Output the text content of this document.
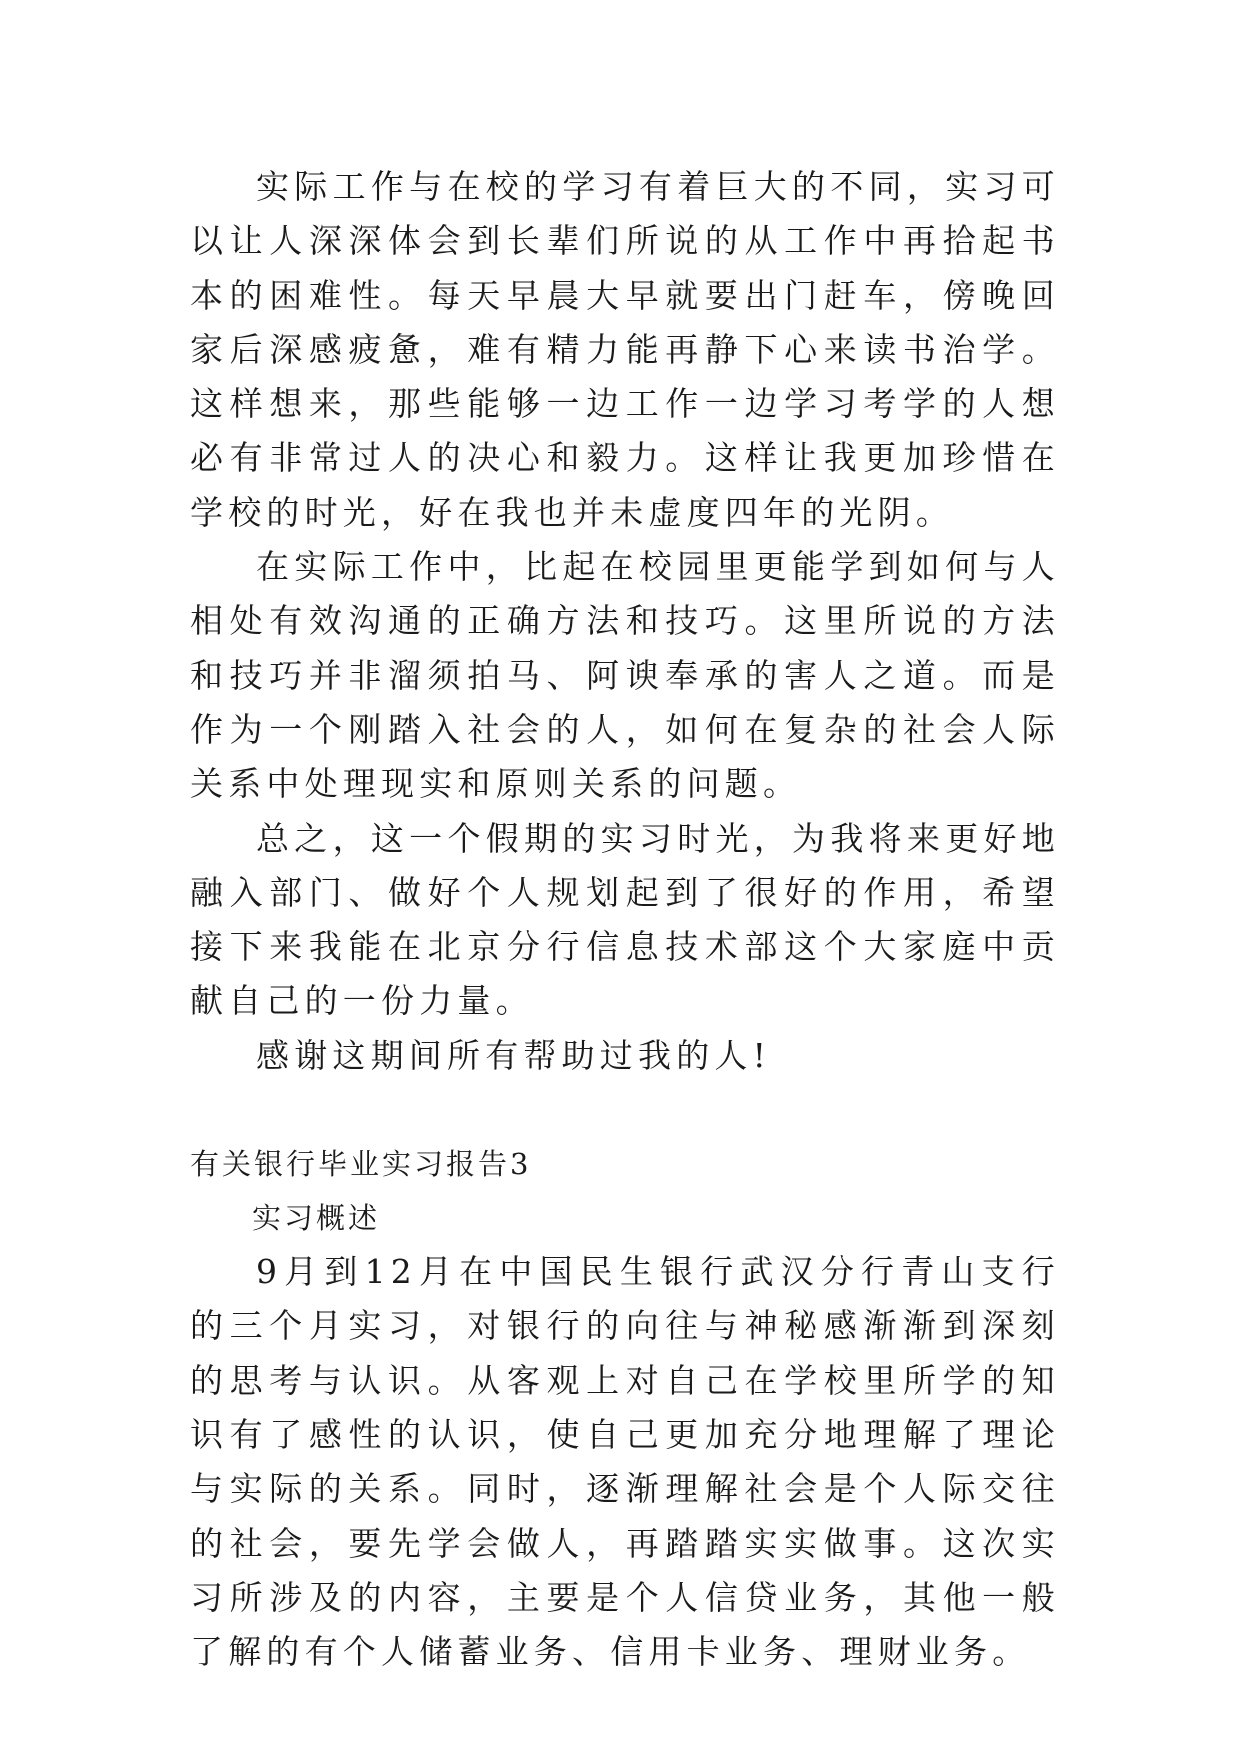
实际工作与在校的学习有着巨大的不同，实习可以让人深深体会到长辈们所说的从工作中再拾起书本的困难性。每天早晨大早就要出门赶车，傍晚回家后深感疲惫，难有精力能再静下心来读书治学。这样想来，那些能够一边工作一边学习考学的人想必有非常过人的决心和毅力。这样让我更加珍惜在学校的时光，好在我也并未虚度四年的光阴。

在实际工作中，比起在校园里更能学到如何与人相处有效沟通的正确方法和技巧。这里所说的方法和技巧并非溜须拍马、阿谀奉承的害人之道。而是作为一个刚踏入社会的人，如何在复杂的社会人际关系中处理现实和原则关系的问题。

总之，这一个假期的实习时光，为我将来更好地融入部门、做好个人规划起到了很好的作用，希望接下来我能在北京分行信息技术部这个大家庭中贡献自己的一份力量。

感谢这期间所有帮助过我的人!

有关银行毕业实习报告3

实习概述

9月到12月在中国民生银行武汉分行青山支行的三个月实习，对银行的向往与神秘感渐渐到深刻的思考与认识。从客观上对自己在学校里所学的知识有了感性的认识，使自己更加充分地理解了理论与实际的关系。同时，逐渐理解社会是个人际交往的社会，要先学会做人，再踏踏实实做事。这次实习所涉及的内容，主要是个人信贷业务，其他一般了解的有个人储蓄业务、信用卡业务、理财业务。
